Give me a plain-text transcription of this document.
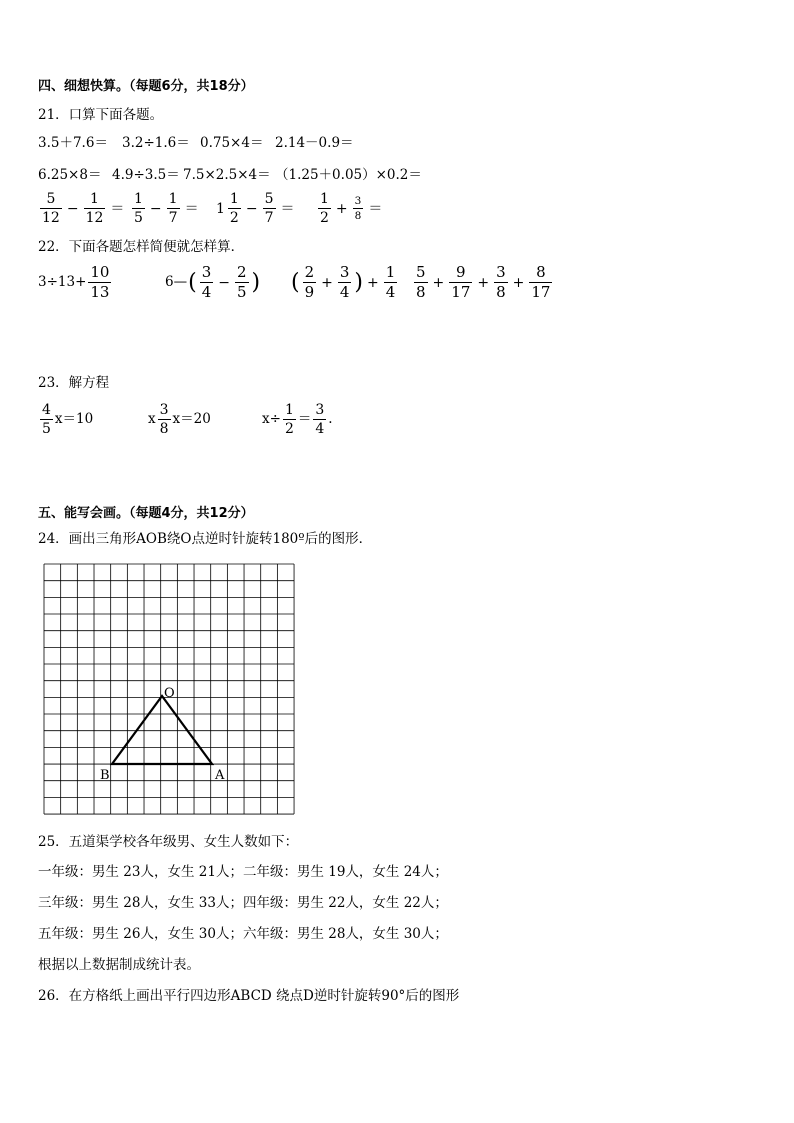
四、细想快算。（每题6分，共18分）
21．口算下面各题。
3.5＋7.6＝ 3.2÷1.6＝ 0.75×4＝ 2.14－0.9＝
6.25×8＝ 4.9÷3.5＝ 7.5×2.5×4＝ （1.25＋0.05）×0.2＝
$\frac{5}{12} - \frac{1}{12} = \frac{1}{5} - \frac{1}{7} = 1 \frac{1}{2} - \frac{5}{7} = \frac{1}{2} + \frac{3}{8}$ ＝
22．下面各题怎样简便就怎样算．
$3\div 13+ \frac{10}{13}$	6— ( $\frac{3}{4} - \frac{2}{5}$ ) ( $\frac{2}{9} + \frac{3}{4}$ ) + $\frac{1}{4} \frac{5}{8} + \frac{9}{17} + \frac{3}{8} + \frac{8}{17}$
23．解方程
$\frac{4}{5} x=10$	x $\frac{3}{8} x=20$	$x\div \frac{1}{2} = \frac{3}{4}$ .
五、能写会画。（每题4分，共12分）
24．画出三角形AOB绕O点逆时针旋转180º后的图形．
O
B	A
25．五道渠学校各年级男、女生人数如下：
一年级：男生 23人，女生 21人；二年级：男生 19人，女生 24人；
三年级：男生 28人，女生 33人；四年级：男生 22人，女生 22人；
五年级：男生 26人，女生 30人；六年级：男生 28人，女生 30人；
根据以上数据制成统计表。
26．在方格纸上画出平行四边形ABCD 绕点D逆时针旋转90°后的图形
